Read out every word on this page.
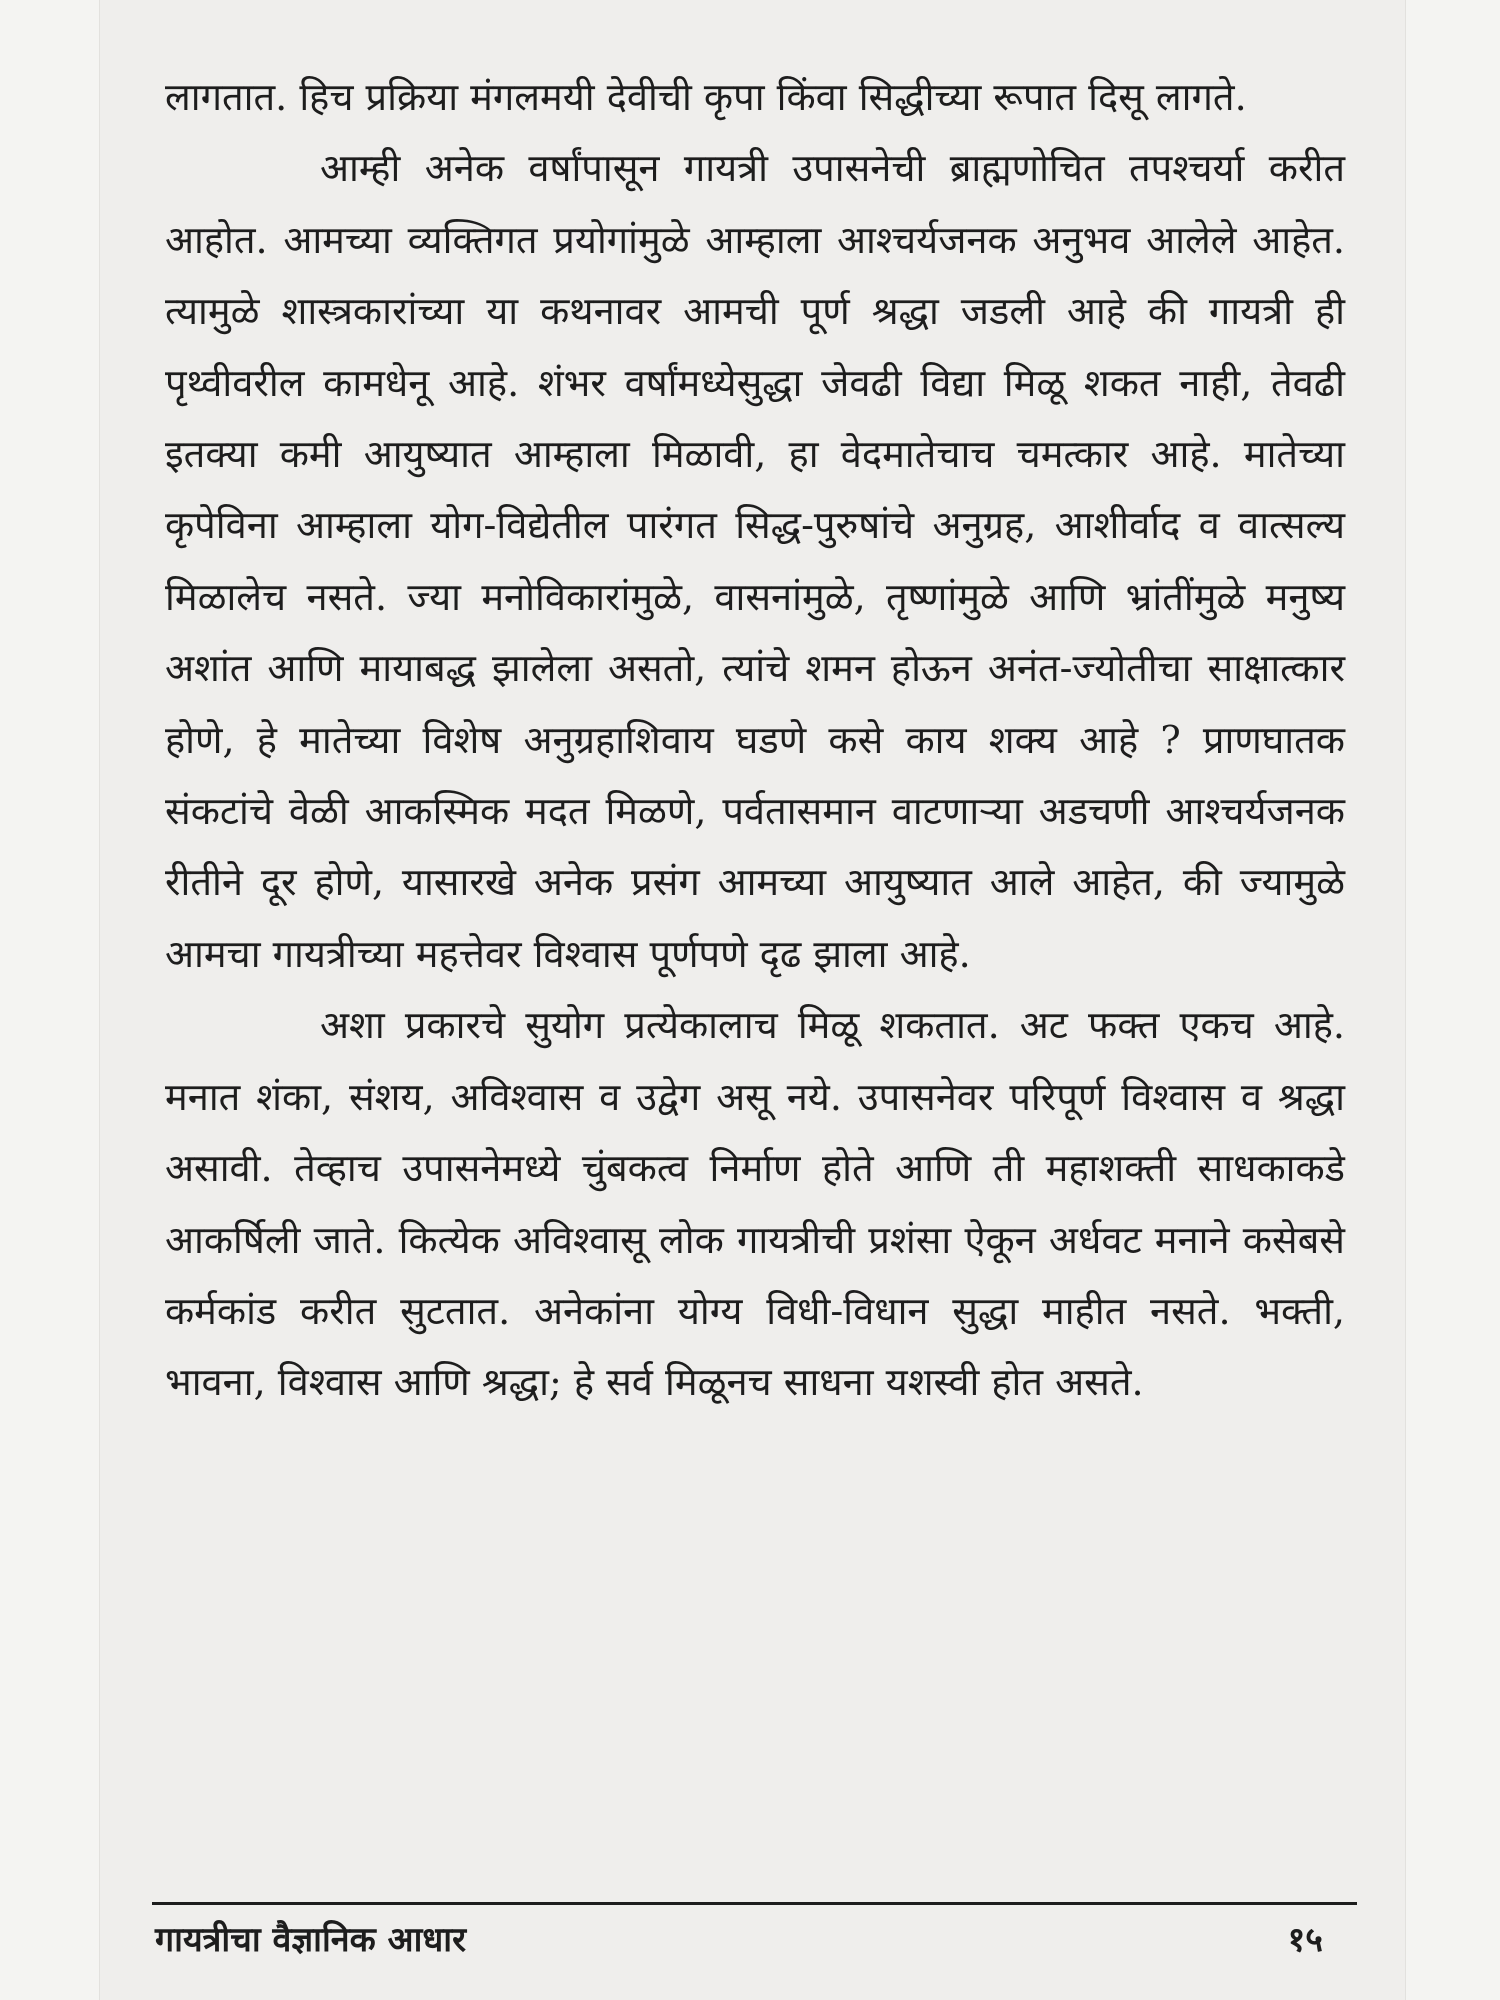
लागतात. हिच प्रक्रिया मंगलमयी देवीची कृपा किंवा सिद्धीच्या रूपात दिसू लागते.

आम्ही अनेक वर्षांपासून गायत्री उपासनेची ब्राह्मणोचित तपश्चर्या करीत आहोत. आमच्या व्यक्तिगत प्रयोगांमुळे आम्हाला आश्चर्यजनक अनुभव आलेले आहेत. त्यामुळे शास्त्रकारांच्या या कथनावर आमची पूर्ण श्रद्धा जडली आहे की गायत्री ही पृथ्वीवरील कामधेनू आहे. शंभर वर्षांमध्येसुद्धा जेवढी विद्या मिळू शकत नाही, तेवढी इतक्या कमी आयुष्यात आम्हाला मिळावी, हा वेदमातेचाच चमत्कार आहे. मातेच्या कृपेविना आम्हाला योग-विद्येतील पारंगत सिद्ध-पुरुषांचे अनुग्रह, आशीर्वाद व वात्सल्य मिळालेच नसते. ज्या मनोविकारांमुळे, वासनांमुळे, तृष्णांमुळे आणि भ्रांतींमुळे मनुष्य अशांत आणि मायाबद्ध झालेला असतो, त्यांचे शमन होऊन अनंत-ज्योतीचा साक्षात्कार होणे, हे मातेच्या विशेष अनुग्रहाशिवाय घडणे कसे काय शक्य आहे ? प्राणघातक संकटांचे वेळी आकस्मिक मदत मिळणे, पर्वतासमान वाटणाऱ्या अडचणी आश्चर्यजनक रीतीने दूर होणे, यासारखे अनेक प्रसंग आमच्या आयुष्यात आले आहेत, की ज्यामुळे आमचा गायत्रीच्या महत्तेवर विश्वास पूर्णपणे दृढ झाला आहे.

अशा प्रकारचे सुयोग प्रत्येकालाच मिळू शकतात. अट फक्त एकच आहे. मनात शंका, संशय, अविश्वास व उद्वेग असू नये. उपासनेवर परिपूर्ण विश्वास व श्रद्धा असावी. तेव्हाच उपासनेमध्ये चुंबकत्व निर्माण होते आणि ती महाशक्ती साधकाकडे आकर्षिली जाते. कित्येक अविश्वासू लोक गायत्रीची प्रशंसा ऐकून अर्धवट मनाने कसेबसे कर्मकांड करीत सुटतात. अनेकांना योग्य विधी-विधान सुद्धा माहीत नसते. भक्ती, भावना, विश्वास आणि श्रद्धा; हे सर्व मिळूनच साधना यशस्वी होत असते.

गायत्रीचा वैज्ञानिक आधार	१५
